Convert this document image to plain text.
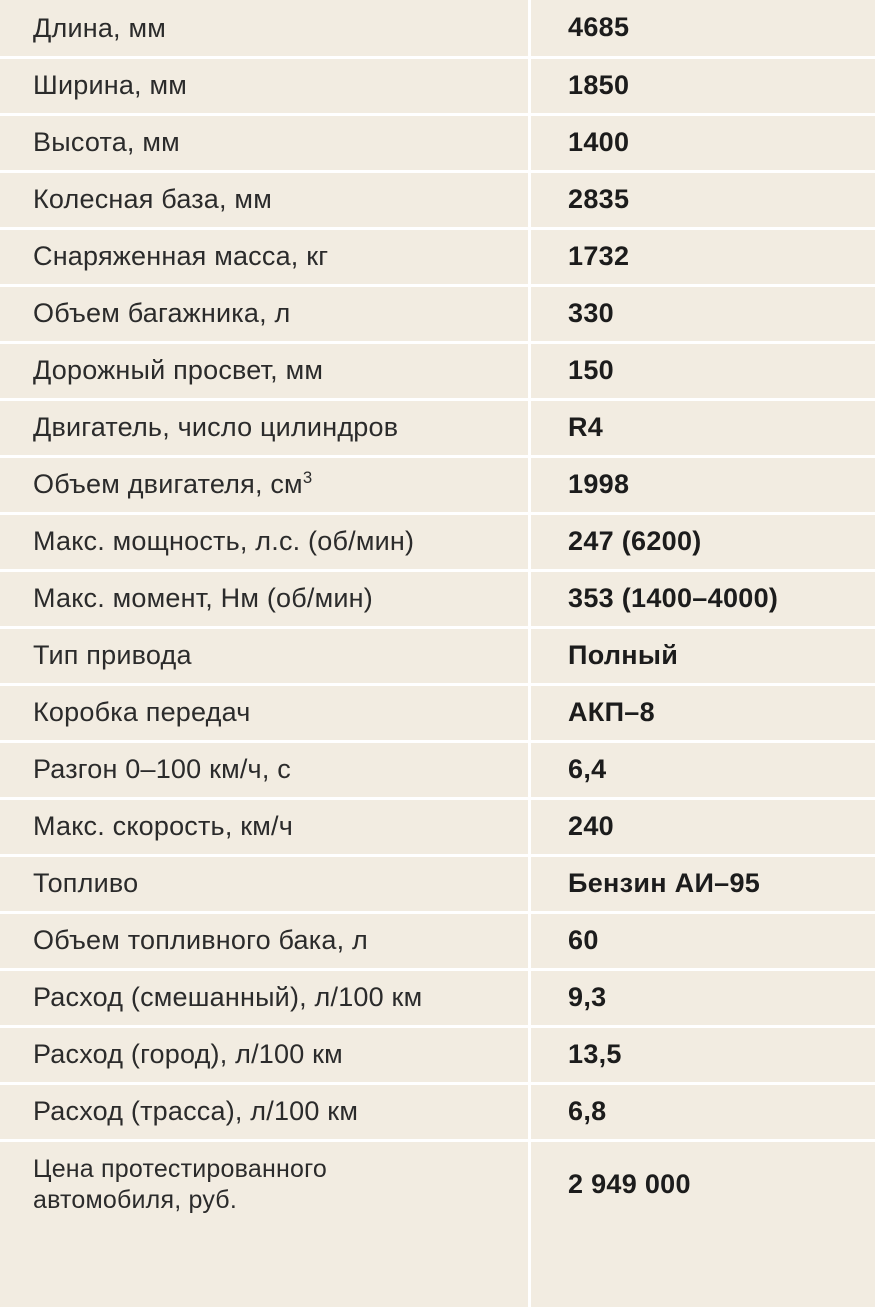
Длина, мм		4685
Ширина, мм		1850
Высота, мм		1400
Колесная база, мм		2835
Снаряженная масса, кг		1732
Объем багажника, л		330
Дорожный просвет, мм		150
Двигатель, число цилиндров		R4
Объем двигателя, $см^3$		1998
Макс. мощность, л.с. (об/мин)		247 (6200)
Макс. момент, Нм (об/мин)		353 (1400–4000)
Тип привода		Полный
Коробка передач		АКП–8
Разгон 0–100 км/ч, с		6,4
Макс. скорость, км/ч		240
Топливо		Бензин АИ–95
Объем топливного бака, л		60
Расход (смешанный), л/100 км		9,3
Расход (город), л/100 км		13,5
Расход (трасса), л/100 км		6,8
Цена протестированного
автомобиля, руб.		2 949 000
